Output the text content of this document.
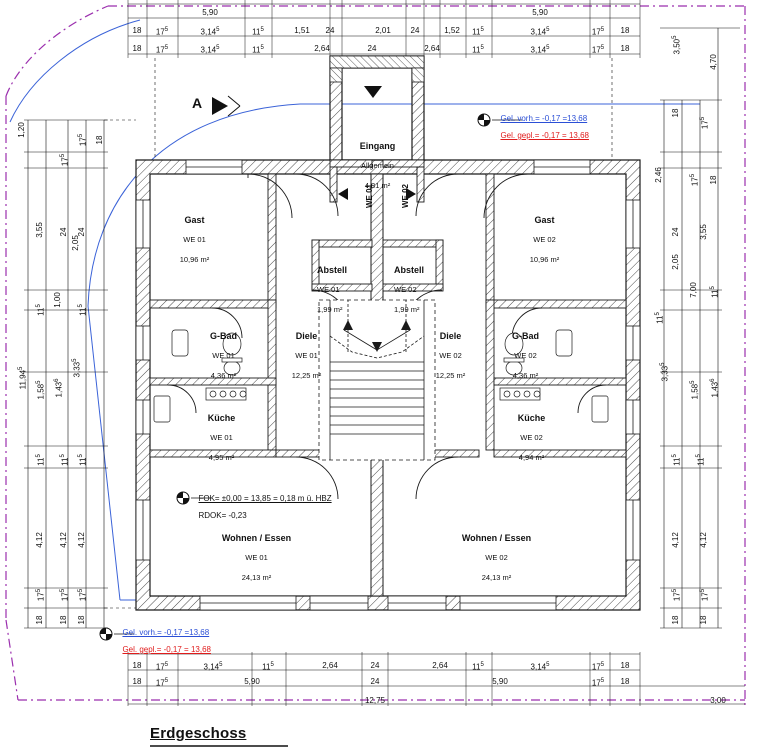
Gast

WE 01

10,96 m²

Gast

WE 02

10,96 m²

Eingang

Allgemein

4,81 m²

Abstell

WE 01

1,99 m²

Abstell

WE 02

1,99 m²

G-Bad

WE 01

4,36 m²

G-Bad

WE 02

4,36 m²

Diele

WE 01

12,25 m²

Diele

WE 02

12,25 m²

Küche

WE 01

4,95 m²

Küche

WE 02

4,94 m²

Wohnen / Essen

WE 01

24,13 m²

Wohnen / Essen

WE 02

24,13 m²

WE 01	WE 02
A

Gel. vorh.= -0,17 =13,68

Gel. gepl.= -0,17 = 13,68

Gel. vorh.= -0,17 =13,68

Gel. gepl.= -0,17 = 13,68

FOK= ±0,00 = 13,85 = 0,18 m ü. HBZ

RDOK= -0,23

Erdgeschoss
5,90	5,90
18 $17^5$	3,14$^5$	$11^5$	1,51 24	2,01 24	1,52 $11^5$	3,14$^5$	$17^5$ 18
18 $17^5$	3,14$^5$	$11^5$	2,64	24	2,64	$11^5$	3,14$^5$	$17^5$ 18
18 $17^5$	3,14$^5$	$11^5$	2,64	24	2,64	$11^5$	3,14$^5$	$17^5$ 18
18 $17^5$	5,90	24	5,90	$17^5$ 18
12,75	3,00
1,20
3,55
2,05
24
18
$17^5$
$17^5$
24
$11^5$	1,00
$11^5$
11,94$^5$
1,58$^5$	1,43$^6$
3,33$^5$
$11^5$
$11^5$
$11^5$
4,12 4,12 4,12
$17^5$
$17^5$
$17^5$
18 18 18
3,50$^5$
4,70
18
$17^5$
2,46	$17^5$	18
24 3,55
2,05
7,00 $11^5$
$11^5$
3,33$^5$
1,58$^5$	1,43$^6$
$11^5$
$11^5$
4,12 4,12
$17^5$
$17^5$
18 18
